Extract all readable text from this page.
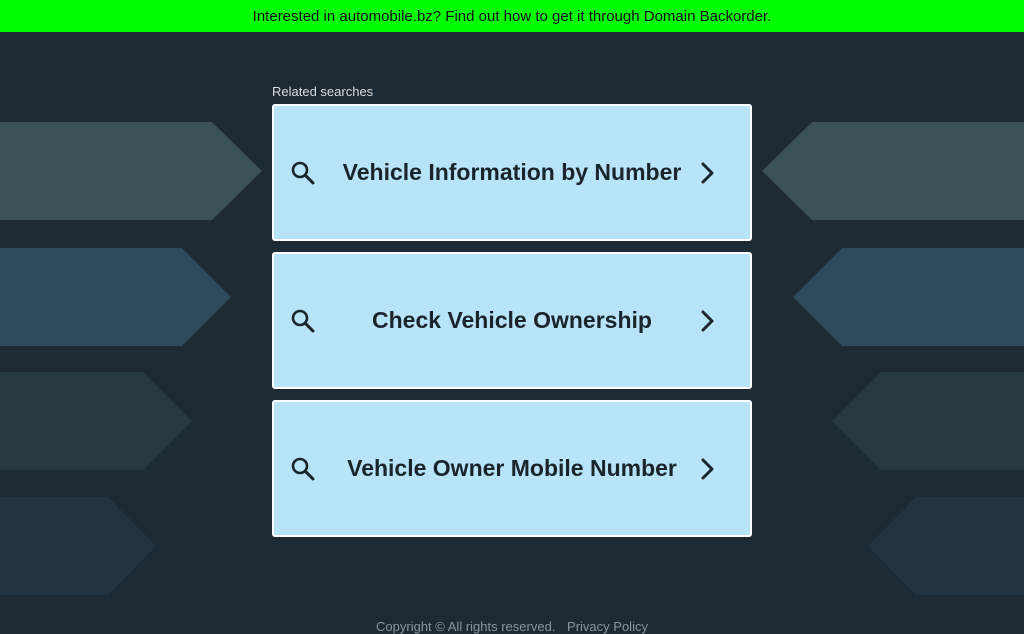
Interested in automobile.bz? Find out how to get it through Domain Backorder.
Related searches
Vehicle Information by Number
Check Vehicle Ownership
Vehicle Owner Mobile Number
Copyright © All rights reserved. Privacy Policy
